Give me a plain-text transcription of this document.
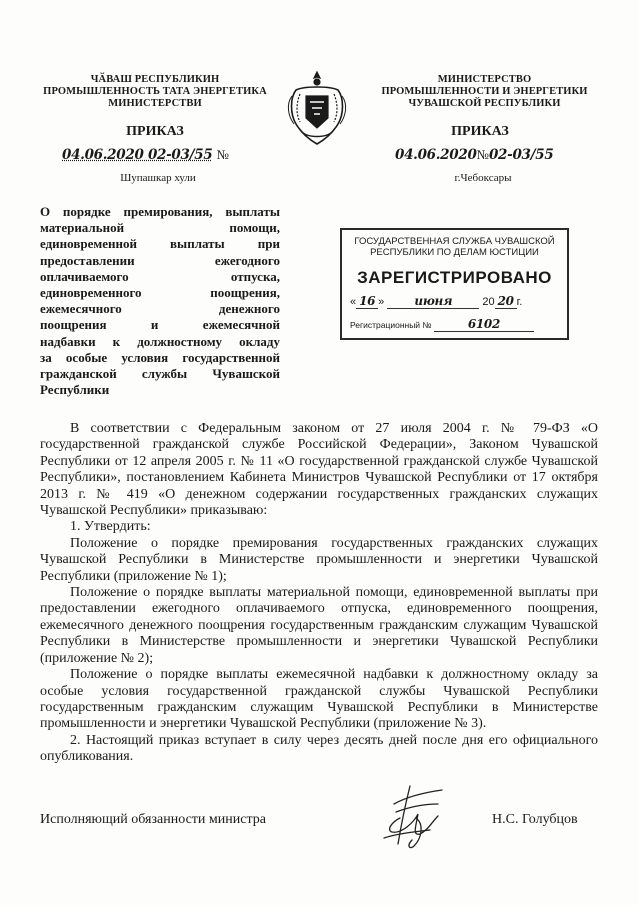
ЧӐВАШ РЕСПУБЛИКИН
ПРОМЫШЛЕННОСТЬ ТАТА ЭНЕРГЕТИКА
МИНИСТЕРСТВИ
МИНИСТЕРСТВО
ПРОМЫШЛЕННОСТИ И ЭНЕРГЕТИКИ
ЧУВАШСКОЙ РЕСПУБЛИКИ
ПРИКАЗ
04.06.2020 02-03/55 №
Шупашкар хули
ПРИКАЗ
04.06.2020№02-03/55
г.Чебоксары
О порядке премирования, выплаты
материальной помощи,
единовременной выплаты при
предоставлении ежегодного
оплачиваемого отпуска,
единовременного поощрения,
ежемесячного денежного
поощрения и ежемесячной
надбавки к должностному окладу
за особые условия государственной
гражданской службы Чувашской
Республики
ГОСУДАРСТВЕННАЯ СЛУЖБА ЧУВАШСКОЙ
РЕСПУБЛИКИ ПО ДЕЛАМ ЮСТИЦИИ
ЗАРЕГИСТРИРОВАНО
« 16 »	июня	20 20 г.
Регистрационный №	6102

В соответствии с Федеральным законом от 27 июля 2004 г. № 79-ФЗ «О государственной гражданской службе Российской Федерации», Законом Чувашской Республики от 12 апреля 2005 г. № 11 «О государственной гражданской службе Чувашской Республики», постановлением Кабинета Министров Чувашской Республики от 17 октября 2013 г. № 419 «О денежном содержании государственных гражданских служащих Чувашской Республики» приказываю:

1. Утвердить:

Положение о порядке премирования государственных гражданских служащих Чувашской Республики в Министерстве промышленности и энергетики Чувашской Республики (приложение № 1);

Положение о порядке выплаты материальной помощи, единовременной выплаты при предоставлении ежегодного оплачиваемого отпуска, единовременного поощрения, ежемесячного денежного поощрения государственным гражданским служащим Чувашской Республики в Министерстве промышленности и энергетики Чувашской Республики (приложение № 2);

Положение о порядке выплаты ежемесячной надбавки к должностному окладу за особые условия государственной гражданской службы Чувашской Республики государственным гражданским служащим Чувашской Республики в Министерстве промышленности и энергетики Чувашской Республики (приложение № 3).

2. Настоящий приказ вступает в силу через десять дней после дня его официального опубликования.

Исполняющий обязанности министра	Н.С. Голубцов
